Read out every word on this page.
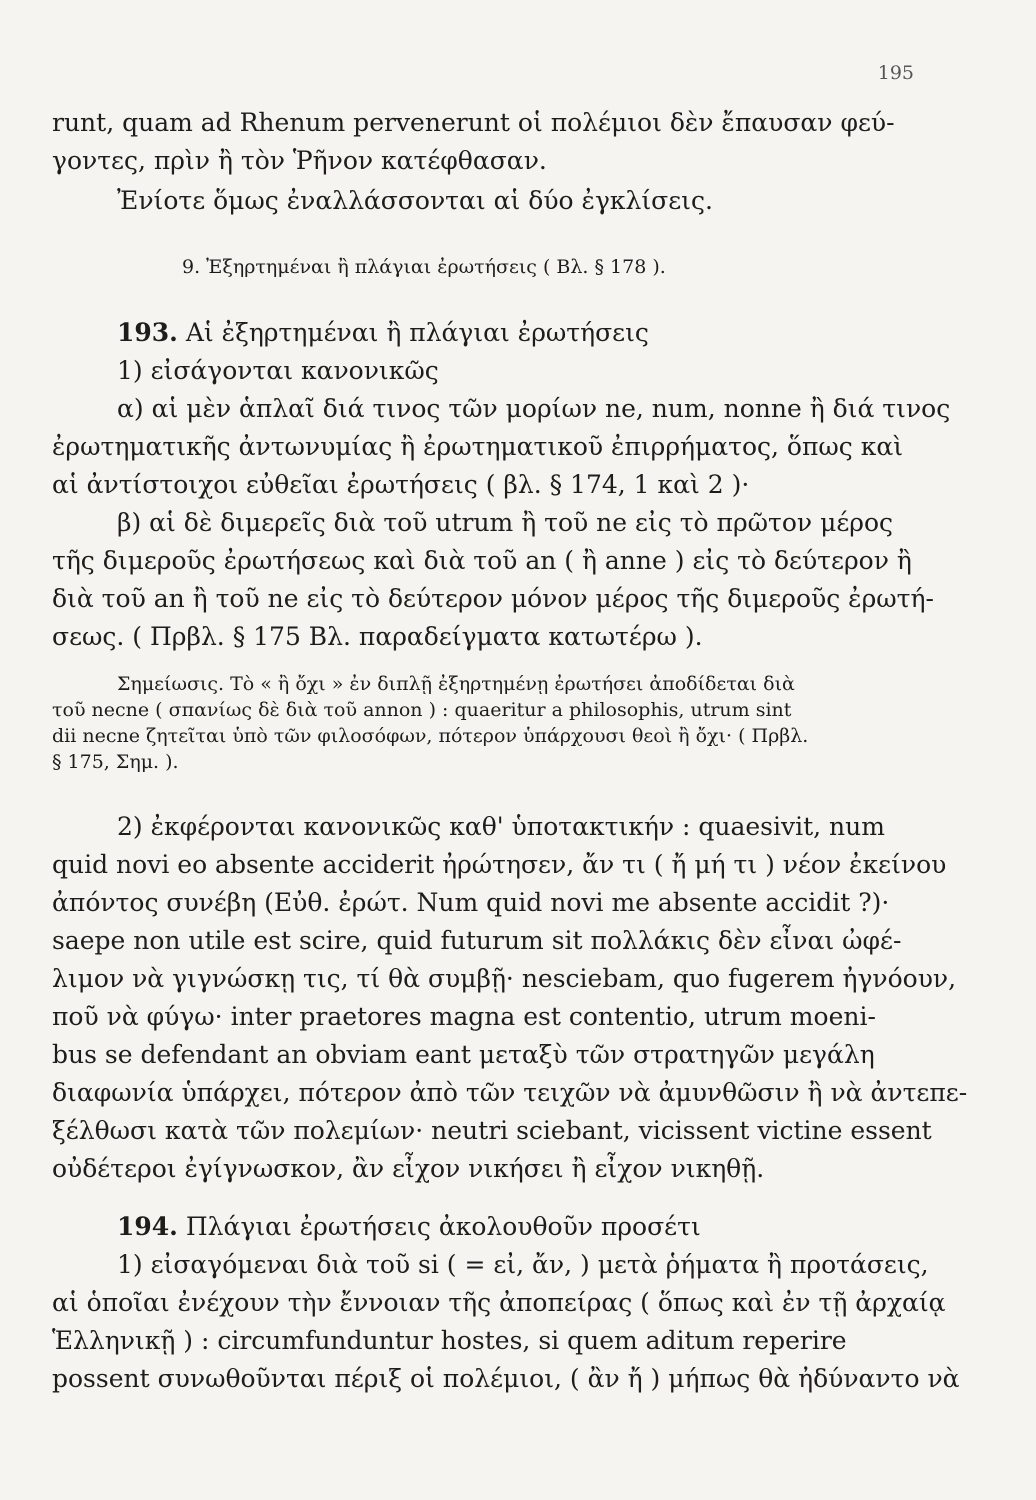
195
runt, quam ad Rhenum pervenerunt οἱ πολέμιοι δὲν ἔπαυσαν φεύ-
γοντες, πρὶν ἢ τὸν Ῥῆνον κατέφθασαν.
Ἐνίοτε ὅμως ἐναλλάσσονται αἱ δύο ἐγκλίσεις.
9. Ἐξηρτημέναι ἢ πλάγιαι ἐρωτήσεις ( Βλ. § 178 ).
193. Αἱ ἐξηρτημέναι ἢ πλάγιαι ἐρωτήσεις
1) εἰσάγονται κανονικῶς
α) αἱ μὲν ἁπλαῖ διά τινος τῶν μορίων ne, num, nonne ἢ διά τινος
ἐρωτηματικῆς ἀντωνυμίας ἢ ἐρωτηματικοῦ ἐπιρρήματος, ὅπως καὶ
αἱ ἀντίστοιχοι εὐθεῖαι ἐρωτήσεις ( βλ. § 174, 1 καὶ 2 )·
β) αἱ δὲ διμερεῖς διὰ τοῦ utrum ἢ τοῦ ne εἰς τὸ πρῶτον μέρος
τῆς διμεροῦς ἐρωτήσεως καὶ διὰ τοῦ an ( ἢ anne ) εἰς τὸ δεύτερον ἢ
διὰ τοῦ an ἢ τοῦ ne εἰς τὸ δεύτερον μόνον μέρος τῆς διμεροῦς ἐρωτή-
σεως. ( Πρβλ. § 175 Βλ. παραδείγματα κατωτέρω ).
Σημείωσις. Τὸ « ἢ ὄχι » ἐν διπλῇ ἐξηρτημένῃ ἐρωτήσει ἀποδίδεται διὰ
τοῦ necne ( σπανίως δὲ διὰ τοῦ annon ) : quaeritur a philosophis, utrum sint
dii necne ζητεῖται ὑπὸ τῶν φιλοσόφων, πότερον ὑπάρχουσι θεοὶ ἢ ὄχι· ( Πρβλ.
§ 175, Σημ. ).
2) ἐκφέρονται κανονικῶς καθ' ὑποτακτικήν : quaesivit, num
quid novi eo absente acciderit ἠρώτησεν, ἄν τι ( ἤ μή τι ) νέον ἐκείνου
ἀπόντος συνέβη (Εὐθ. ἐρώτ. Num quid novi me absente accidit ?)·
saepe non utile est scire, quid futurum sit πολλάκις δὲν εἶναι ὠφέ-
λιμον νὰ γιγνώσκῃ τις, τί θὰ συμβῇ· nesciebam, quo fugerem ἠγνόουν,
ποῦ νὰ φύγω· inter praetores magna est contentio, utrum moeni-
bus se defendant an obviam eant μεταξὺ τῶν στρατηγῶν μεγάλη
διαφωνία ὑπάρχει, πότερον ἀπὸ τῶν τειχῶν νὰ ἀμυνθῶσιν ἢ νὰ ἀντεπε-
ξέλθωσι κατὰ τῶν πολεμίων· neutri sciebant, vicissent victine essent
οὐδέτεροι ἐγίγνωσκον, ἂν εἶχον νικήσει ἢ εἶχον νικηθῇ.
194. Πλάγιαι ἐρωτήσεις ἀκολουθοῦν προσέτι
1) εἰσαγόμεναι διὰ τοῦ si ( = εἰ, ἄν, ) μετὰ ῥήματα ἢ προτάσεις,
αἱ ὁποῖαι ἐνέχουν τὴν ἔννοιαν τῆς ἀποπείρας ( ὅπως καὶ ἐν τῇ ἀρχαίᾳ
Ἑλληνικῇ ) : circumfunduntur hostes, si quem aditum reperire
possent συνωθοῦνται πέριξ οἱ πολέμιοι, ( ἂν ἤ ) μήπως θὰ ἠδύναντο νὰ
